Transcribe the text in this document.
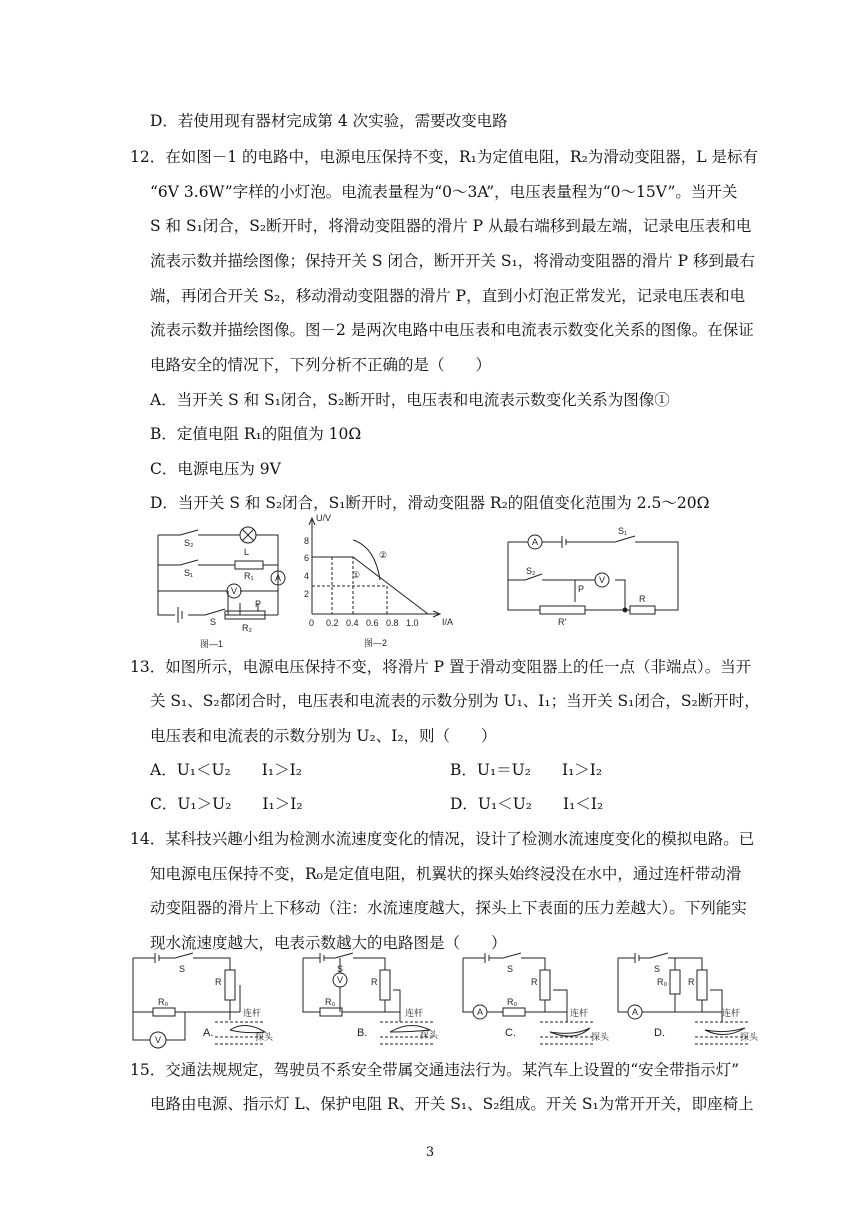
D．若使用现有器材完成第 4 次实验，需要改变电路
12．在如图－1 的电路中，电源电压保持不变，R₁为定值电阻，R₂为滑动变阻器，L 是标有
“6V 3.6W”字样的小灯泡。电流表量程为“0～3A”，电压表量程为“0～15V”。当开关
S 和 S₁闭合，S₂断开时，将滑动变阻器的滑片 P 从最右端移到最左端，记录电压表和电
流表示数并描绘图像；保持开关 S 闭合，断开开关 S₁，将滑动变阻器的滑片 P 移到最右
端，再闭合开关 S₂，移动滑动变阻器的滑片 P，直到小灯泡正常发光，记录电压表和电
流表示数并描绘图像。图－2 是两次电路中电压表和电流表示数变化关系的图像。在保证
电路安全的情况下，下列分析不正确的是（　　）
A．当开关 S 和 S₁闭合，S₂断开时，电压表和电流表示数变化关系为图像①
B．定值电阻 R₁的阻值为 10Ω
C．电源电压为 9V
D．当开关 S 和 S₂闭合，S₁断开时，滑动变阻器 R₂的阻值变化范围为 2.5～20Ω
S₂
L
S₁	R₁ A
V
P
R₂
S
图—1
U/V
I/A
8
6
4
2
0 0.2 0.4 0.6 0.8 1.0
①
②
图—2
A
S₁
S₂
V
P
R′
R
13．如图所示，电源电压保持不变，将滑片 P 置于滑动变阻器上的任一点（非端点）。当开
关 S₁、S₂都闭合时，电压表和电流表的示数分别为 U₁、I₁；当开关 S₁闭合，S₂断开时，
电压表和电流表的示数分别为 U₂、I₂，则（　　）
A．U₁＜U₂　　I₁＞I₂	B．U₁＝U₂　　I₁＞I₂
C．U₁＞U₂　　I₁＞I₂	D．U₁＜U₂　　I₁＜I₂
14．某科技兴趣小组为检测水流速度变化的情况，设计了检测水流速度变化的模拟电路。已
知电源电压保持不变，R₀是定值电阻，机翼状的探头始终浸没在水中，通过连杆带动滑
动变阻器的滑片上下移动（注：水流速度越大，探头上下表面的压力差越大）。下列能实
现水流速度越大，电表示数越大的电路图是（　　）
S
R
R₀
V
连杆
A.	探头
S
R
R₀
V
连杆
B.	探头
S
R
R₀
A	连杆
C.	探头
S
R
R₀
A	连杆
D.	探头
15．交通法规规定，驾驶员不系安全带属交通违法行为。某汽车上设置的“安全带指示灯”
电路由电源、指示灯 L、保护电阻 R、开关 S₁、S₂组成。开关 S₁为常开开关，即座椅上
3
